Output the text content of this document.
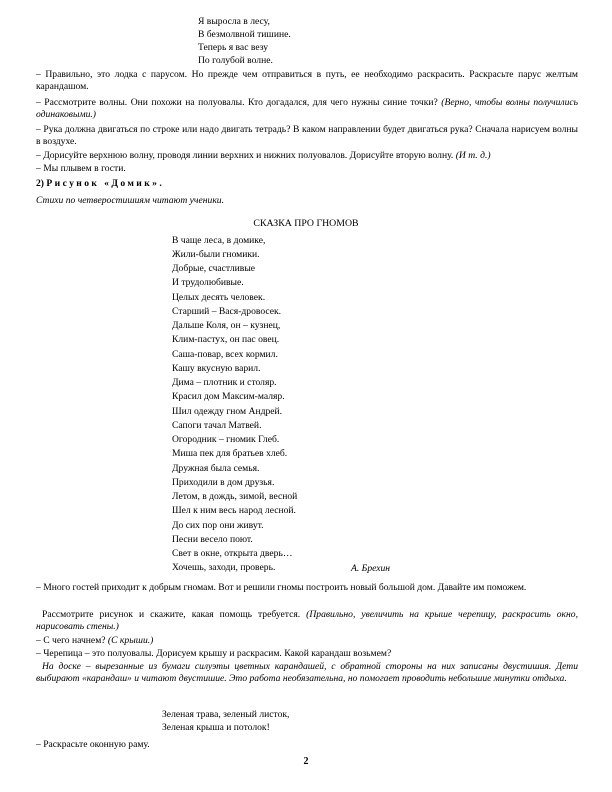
Я выросла в лесу,
В безмолвной тишине.
Теперь я вас везу
По голубой волне.
– Правильно, это лодка с парусом. Но прежде чем отправиться в путь, ее необходимо раскрасить. Раскрасьте парус желтым карандашом.
– Рассмотрите волны. Они похожи на полуовалы. Кто догадался, для чего нужны синие точки? (Верно, чтобы волны получились одинаковыми.)
– Рука должна двигаться по строке или надо двигать тетрадь? В каком направлении будет двигаться рука? Сначала нарисуем волны в воздухе.
– Дорисуйте верхнюю волну, проводя линии верхних и нижних полуовалов. Дорисуйте вторую волну. (И т. д.)
– Мы плывем в гости.
2) Рисунок «Домик».
Стихи по четверостишиям читают ученики.
СКАЗКА ПРО ГНОМОВ
В чаще леса, в домике,
Жили-были гномики.
Добрые, счастливые
И трудолюбивые.
Целых десять человек.
Старший – Вася-дровосек.
Дальше Коля, он – кузнец,
Клим-пастух, он пас овец.
Саша-повар, всех кормил.
Кашу вкусную варил.
Дима – плотник и столяр.
Красил дом Максим-маляр.
Шил одежду гном Андрей.
Сапоги тачал Матвей.
Огородник – гномик Глеб.
Миша пек для братьев хлеб.
Дружная была семья.
Приходили в дом друзья.
Летом, в дождь, зимой, весной
Шел к ним весь народ лесной.
До сих пор они живут.
Песни весело поют.
Свет в окне, открыта дверь…
Хочешь, заходи, проверь.	А. Брехин
– Много гостей приходит к добрым гномам. Вот и решили гномы построить новый большой дом. Давайте им поможем.
Рассмотрите рисунок и скажите, какая помощь требуется. (Правильно, увеличить на крыше черепицу, раскрасить окно, нарисовать стены.)
– С чего начнем? (С крыши.)
– Черепица – это полуовалы. Дорисуем крышу и раскрасим. Какой карандаш возьмем?
На доске – вырезанные из бумаги силуэты цветных карандашей, с обратной стороны на них записаны двустишия. Дети выбирают «карандаш» и читают двустишие. Это работа необязательна, но помогает проводить небольшие минутки отдыха.
Зеленая трава, зеленый листок,
Зеленая крыша и потолок!
– Раскрасьте оконную раму.
2
